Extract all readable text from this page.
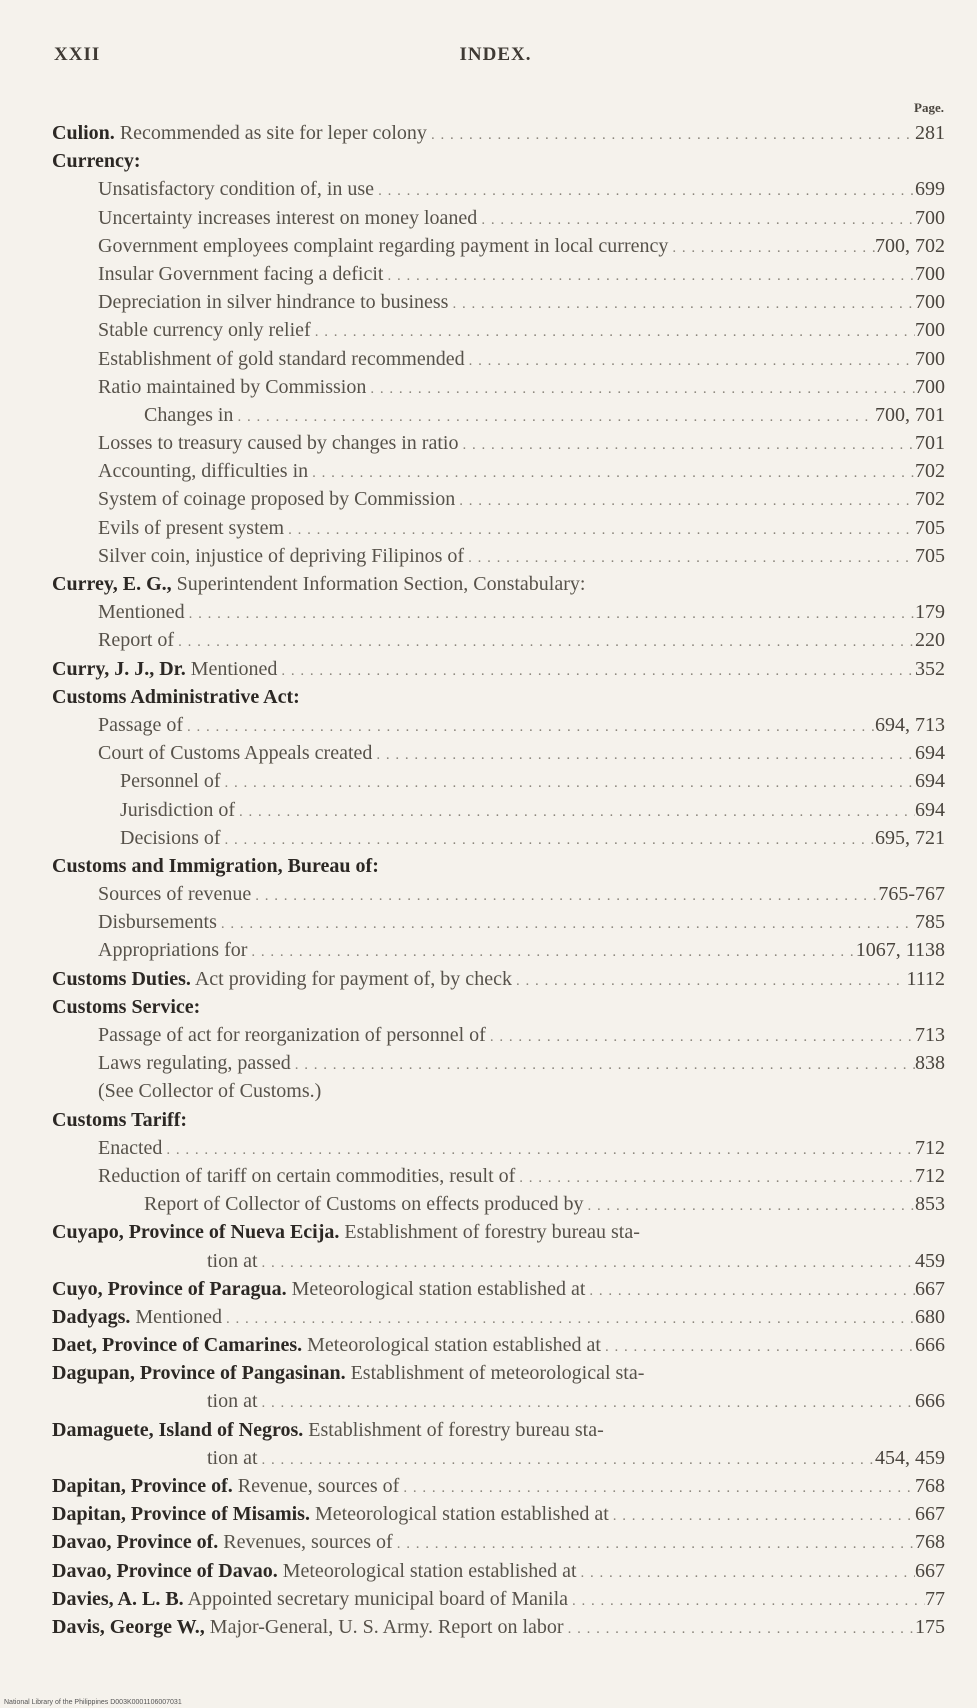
XXII	INDEX.
Page.
Culion. Recommended as site for leper colony . . .	281
Currency:
Unsatisfactory condition of, in use . . .	699
Uncertainty increases interest on money loaned . . .	700
Government employees complaint regarding payment in local currency . . .	700, 702
Insular Government facing a deficit . . .	700
Depreciation in silver hindrance to business . . .	700
Stable currency only relief . . .	700
Establishment of gold standard recommended . . .	700
Ratio maintained by Commission . . .	700
Changes in . . .	700, 701
Losses to treasury caused by changes in ratio . . .	701
Accounting, difficulties in . . .	702
System of coinage proposed by Commission . . .	702
Evils of present system . . .	705
Silver coin, injustice of depriving Filipinos of . . .	705
Currey, E. G., Superintendent Information Section, Constabulary:
Mentioned . . .	179
Report of . . .	220
Curry, J. J., Dr. Mentioned . . .	352
Customs Administrative Act:
Passage of . . .	694, 713
Court of Customs Appeals created . . .	694
Personnel of . . .	694
Jurisdiction of . . .	694
Decisions of . . .	695, 721
Customs and Immigration, Bureau of:
Sources of revenue . . .	765-767
Disbursements . . .	785
Appropriations for . . .	1067, 1138
Customs Duties. Act providing for payment of, by check . . .	1112
Customs Service:
Passage of act for reorganization of personnel of . . .	713
Laws regulating, passed . . .	838
(See Collector of Customs.)
Customs Tariff:
Enacted . . .	712
Reduction of tariff on certain commodities, result of . . .	712
Report of Collector of Customs on effects produced by . . .	853
Cuyapo, Province of Nueva Ecija. Establishment of forestry bureau sta-
tion at . . .	459
Cuyo, Province of Paragua. Meteorological station established at . . .	667
Dadyags. Mentioned . . .	680
Daet, Province of Camarines. Meteorological station established at . . .	666
Dagupan, Province of Pangasinan. Establishment of meteorological sta-
tion at . . .	666
Damaguete, Island of Negros. Establishment of forestry bureau sta-
tion at . . .	454, 459
Dapitan, Province of. Revenue, sources of . . .	768
Dapitan, Province of Misamis. Meteorological station established at . . .	667
Davao, Province of. Revenues, sources of . . .	768
Davao, Province of Davao. Meteorological station established at . . .	667
Davies, A. L. B. Appointed secretary municipal board of Manila . . .	77
Davis, George W., Major-General, U. S. Army. Report on labor . . .	175
National Library of the Philippines D003K0001106007031
